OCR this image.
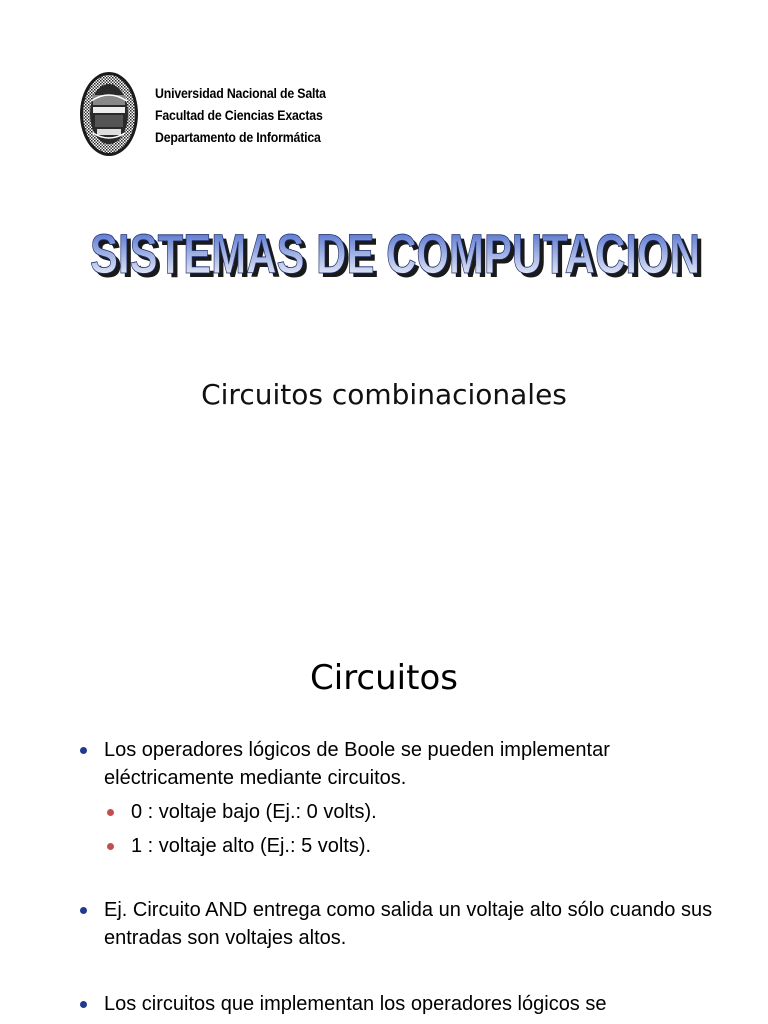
Universidad Nacional de Salta
Facultad de Ciencias Exactas
Departamento de Informática
SISTEMAS DE COMPUTACION
SISTEMAS DE COMPUTACION
Circuitos combinacionales
Circuitos
Los operadores lógicos de Boole se pueden implementar eléctricamente mediante circuitos.
0 : voltaje bajo (Ej.: 0 volts).
1 : voltaje alto (Ej.: 5 volts).
Ej. Circuito AND entrega como salida un voltaje alto sólo cuando sus entradas son voltajes altos.
Los circuitos que implementan los operadores lógicos se
